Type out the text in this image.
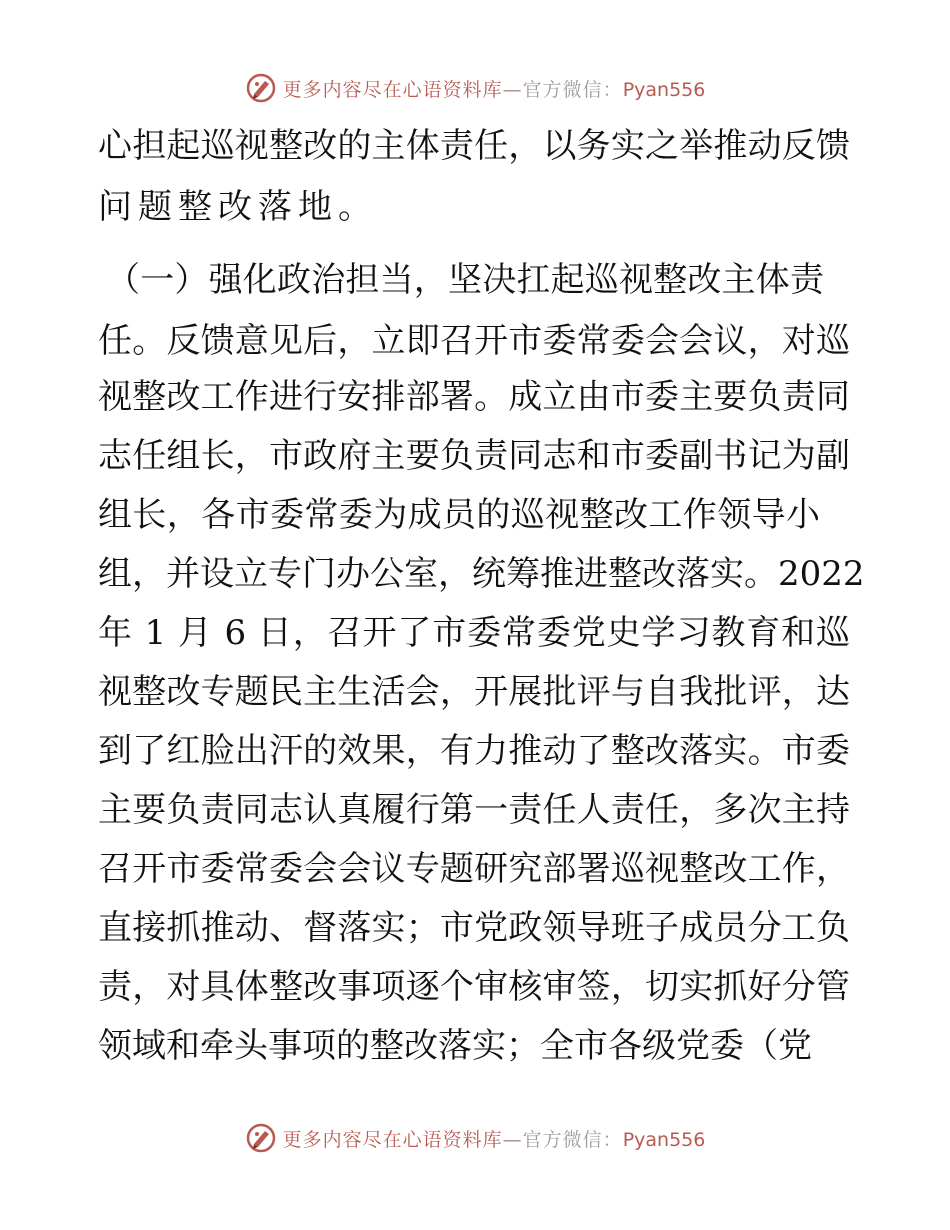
更多内容尽在心语资料库—官方微信：Pyan556
心担起巡视整改的主体责任，以务实之举推动反馈
问题整改落地。
（一）强化政治担当，坚决扛起巡视整改主体责
任。反馈意见后，立即召开市委常委会会议，对巡
视整改工作进行安排部署。成立由市委主要负责同
志任组长，市政府主要负责同志和市委副书记为副
组长，各市委常委为成员的巡视整改工作领导小
组，并设立专门办公室，统筹推进整改落实。2022
年 1 月 6 日，召开了市委常委党史学习教育和巡
视整改专题民主生活会，开展批评与自我批评，达
到了红脸出汗的效果，有力推动了整改落实。市委
主要负责同志认真履行第一责任人责任，多次主持
召开市委常委会会议专题研究部署巡视整改工作，
直接抓推动、督落实；市党政领导班子成员分工负
责，对具体整改事项逐个审核审签，切实抓好分管
领域和牵头事项的整改落实；全市各级党委（党
更多内容尽在心语资料库—官方微信：Pyan556
